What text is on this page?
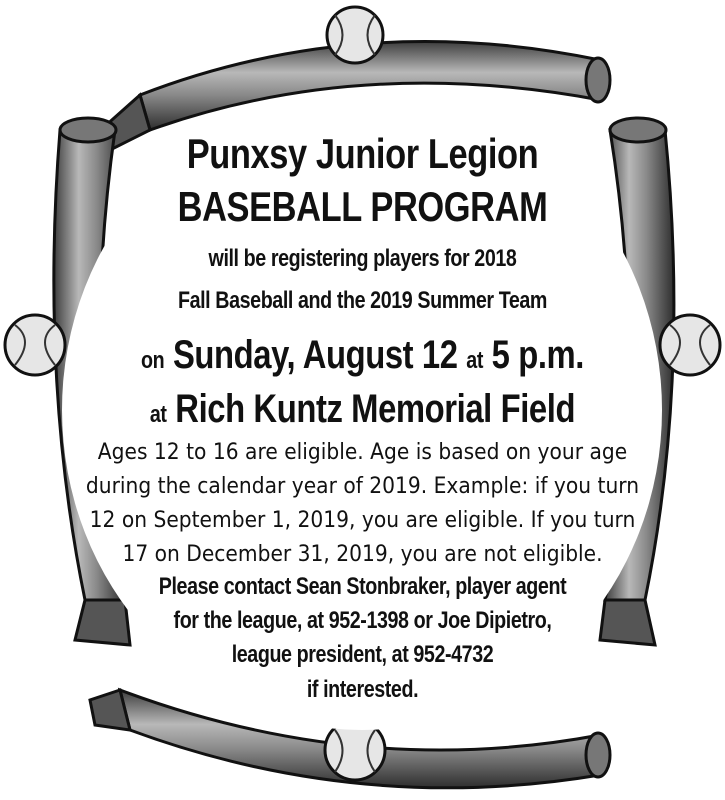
Punxsy Junior Legion
BASEBALL PROGRAM
will be registering players for 2018
Fall Baseball and the 2019 Summer Team
on Sunday, August 12 at 5 p.m.
at Rich Kuntz Memorial Field
Ages 12 to 16 are eligible. Age is based on your age
during the calendar year of 2019. Example: if you turn
12 on September 1, 2019, you are eligible. If you turn
17 on December 31, 2019, you are not eligible.
Please contact Sean Stonbraker, player agent
for the league, at 952-1398 or Joe Dipietro,
league president, at 952-4732
if interested.
